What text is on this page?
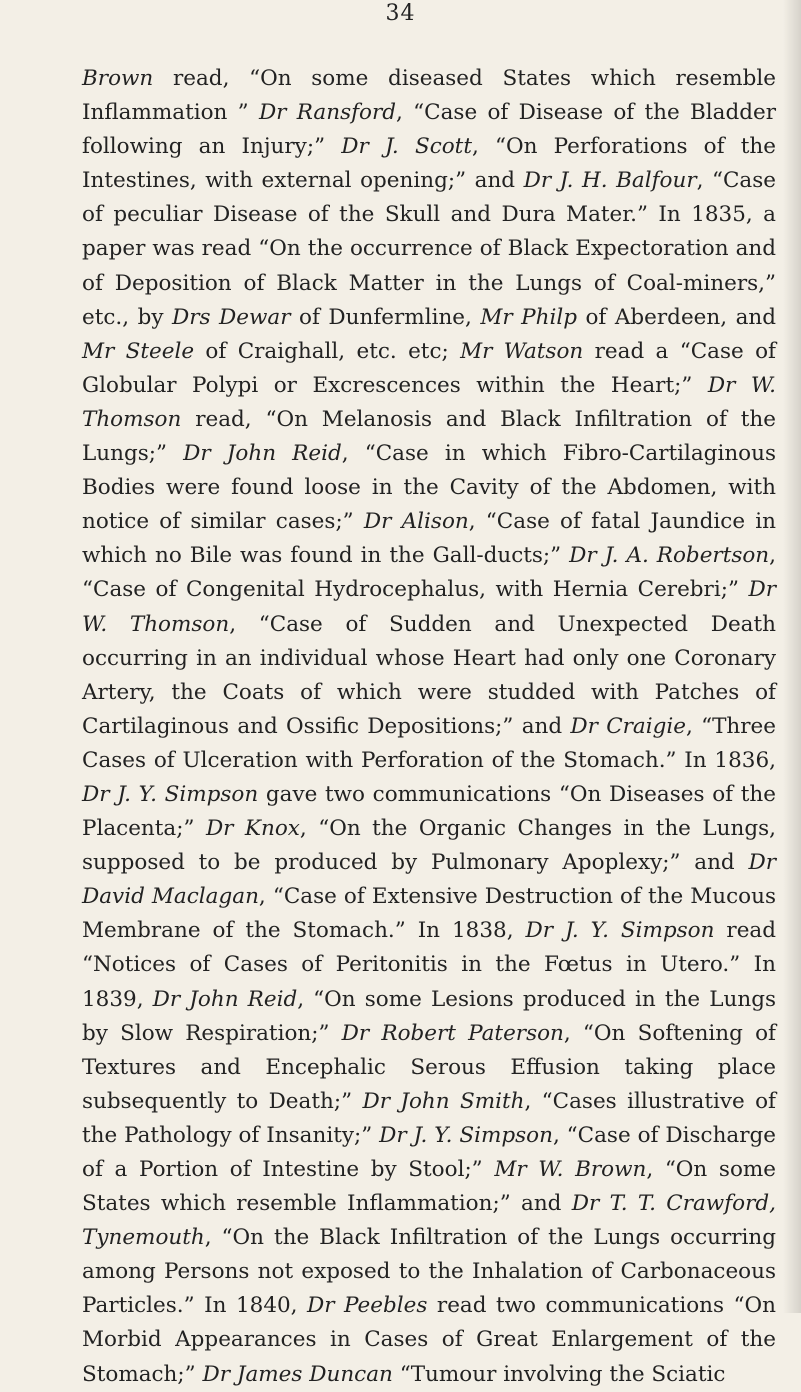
34

Brown read, “On some diseased States which resemble Inflammation ” Dr Ransford, “Case of Disease of the Bladder following an Injury;” Dr J. Scott, “On Perforations of the Intestines, with external opening;” and Dr J. H. Balfour, “Case of peculiar Disease of the Skull and Dura Mater.” In 1835, a paper was read “On the occurrence of Black Expectoration and of Deposition of Black Matter in the Lungs of Coal-miners,” etc., by Drs Dewar of Dunfermline, Mr Philp of Aberdeen, and Mr Steele of Craighall, etc. etc; Mr Watson read a “Case of Globular Polypi or Excrescences within the Heart;” Dr W. Thomson read, “On Melanosis and Black Infiltration of the Lungs;” Dr John Reid, “Case in which Fibro-Cartilaginous Bodies were found loose in the Cavity of the Abdomen, with notice of similar cases;” Dr Alison, “Case of fatal Jaundice in which no Bile was found in the Gall-ducts;” Dr J. A. Robertson, “Case of Congenital Hydrocephalus, with Hernia Cerebri;” Dr W. Thomson, “Case of Sudden and Unexpected Death occurring in an individual whose Heart had only one Coronary Artery, the Coats of which were studded with Patches of Cartilaginous and Ossific Depositions;” and Dr Craigie, “Three Cases of Ulceration with Perforation of the Stomach.” In 1836, Dr J. Y. Simpson gave two communications “On Diseases of the Placenta;” Dr Knox, “On the Organic Changes in the Lungs, supposed to be produced by Pulmonary Apoplexy;” and Dr David Maclagan, “Case of Extensive Destruction of the Mucous Membrane of the Stomach.” In 1838, Dr J. Y. Simpson read “Notices of Cases of Peritonitis in the Fœtus in Utero.” In 1839, Dr John Reid, “On some Lesions produced in the Lungs by Slow Respiration;” Dr Robert Paterson, “On Softening of Textures and Encephalic Serous Effusion taking place subsequently to Death;” Dr John Smith, “Cases illustrative of the Pathology of Insanity;” Dr J. Y. Simpson, “Case of Discharge of a Portion of Intestine by Stool;” Mr W. Brown, “On some States which resemble Inflammation;” and Dr T. T. Crawford, Tynemouth, “On the Black Infiltration of the Lungs occurring among Persons not exposed to the Inhalation of Carbonaceous Particles.” In 1840, Dr Peebles read two communications “On Morbid Appearances in Cases of Great Enlargement of the Stomach;” Dr James Duncan “Tumour involving the Sciatic
